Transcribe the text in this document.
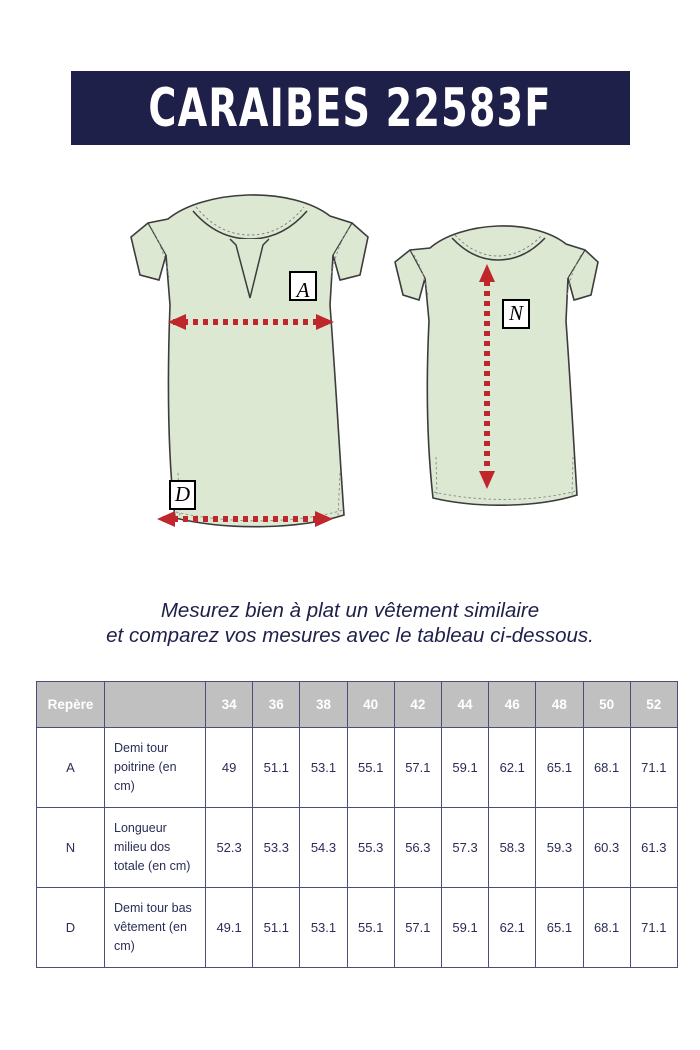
CARAIBES 22583F
A
D
N
Mesurez bien à plat un vêtement similaire
et comparez vos mesures avec le tableau ci-dessous.
Repère		34	36	38	40	42	44	46	48	50	52
A	Demi tour poitrine (en cm)	49	51.1	53.1	55.1	57.1	59.1	62.1	65.1	68.1	71.1
N	Longueur milieu dos totale (en cm)	52.3	53.3	54.3	55.3	56.3	57.3	58.3	59.3	60.3	61.3
D	Demi tour bas vêtement (en cm)	49.1	51.1	53.1	55.1	57.1	59.1	62.1	65.1	68.1	71.1
